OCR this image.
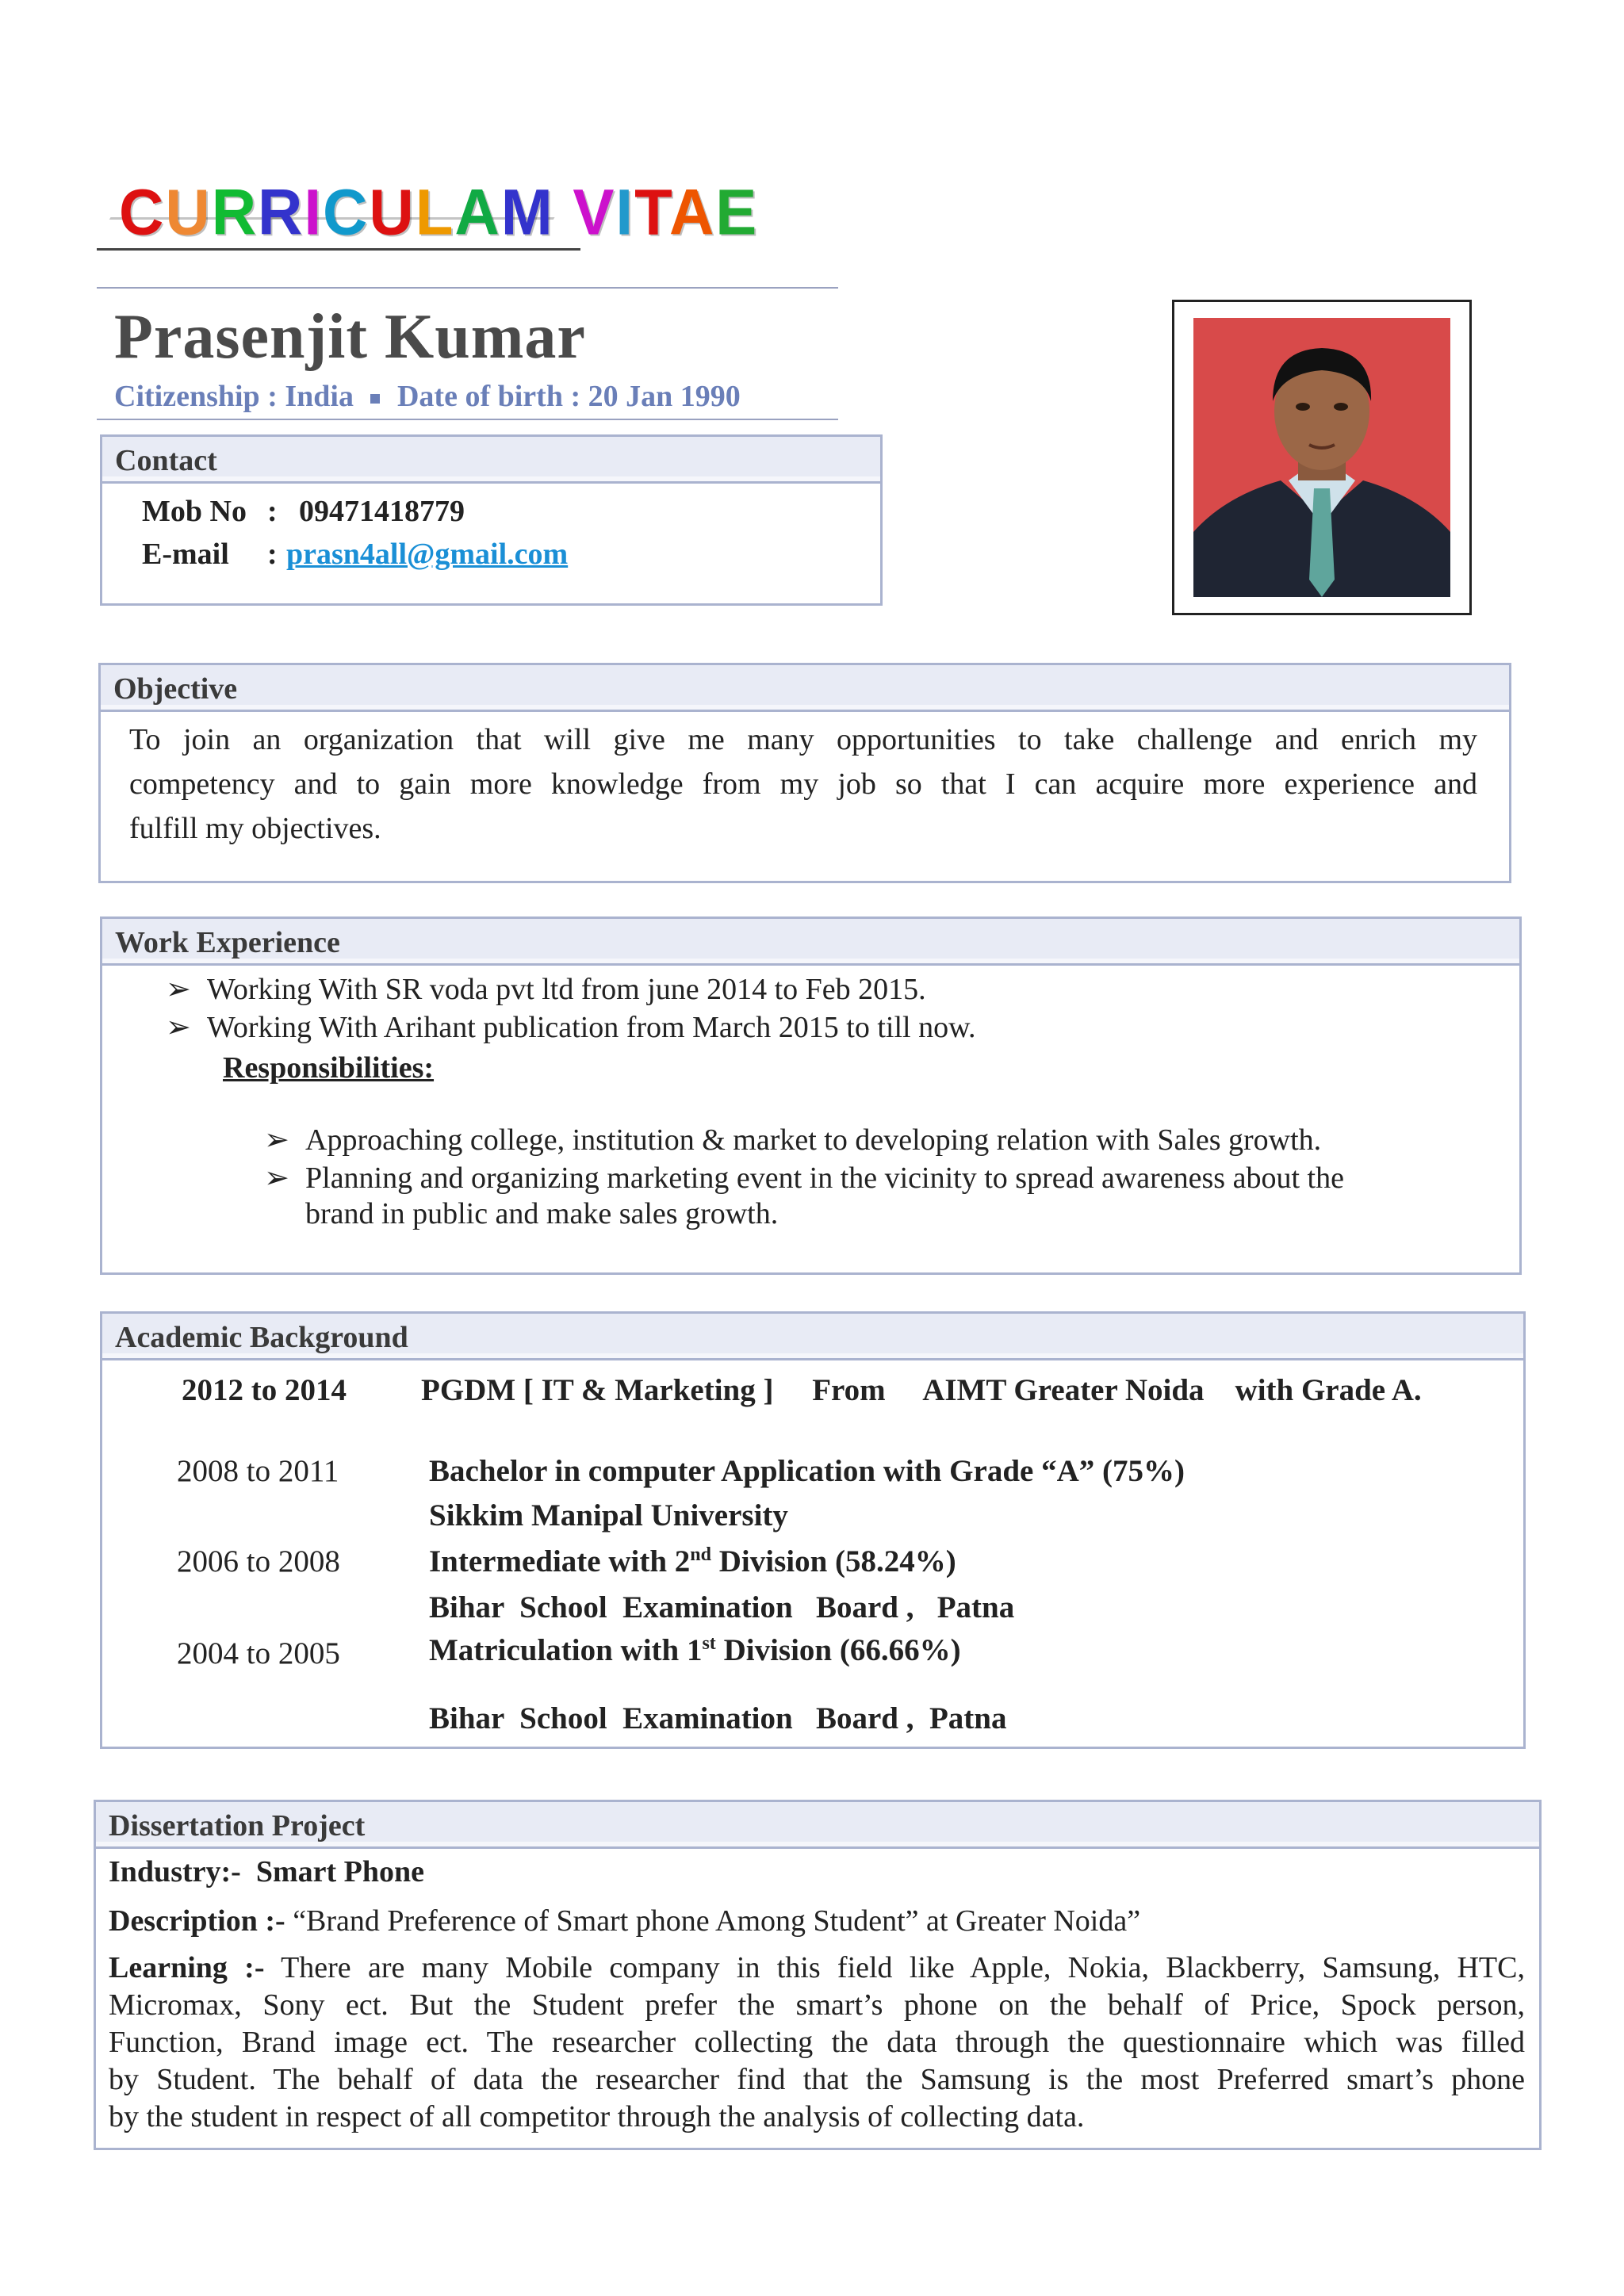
CURRICULAM VITAE
Prasenjit Kumar
Citizenship : India Date of birth : 20 Jan 1990
Contact
Mob No : 09471418779
E-mail : prasn4all@gmail.com
Objective
To join an organization that will give me many opportunities to take challenge and enrich my
competency and to gain more knowledge from my job so that I can acquire more experience and
fulfill my objectives.
Work Experience
➢ Working With SR voda pvt ltd from june 2014 to Feb 2015.
➢ Working With Arihant publication from March 2015 to till now.
Responsibilities:
➢ Approaching college, institution & market to developing relation with Sales growth.
➢ Planning and organizing marketing event in the vicinity to spread awareness about the
brand in public and make sales growth.
Academic Background
2012 to 2014 PGDM [ IT & Marketing ]     From     AIMT Greater Noida    with Grade A.
2008 to 2011	Bachelor in computer Application with Grade “A” (75%)
Sikkim Manipal University
2006 to 2008	Intermediate with 2nd Division (58.24%)
Bihar  School  Examination   Board ,   Patna
2004 to 2005	Matriculation with 1st Division (66.66%)
Bihar  School  Examination   Board ,  Patna
Dissertation Project
Industry:- Smart Phone
Description :- “Brand Preference of Smart phone Among Student” at Greater Noida”
Learning :- There are many Mobile company in this field like Apple, Nokia, Blackberry, Samsung, HTC,
Micromax, Sony ect. But the Student prefer the smart’s phone on the behalf of Price, Spock person,
Function, Brand image ect. The researcher collecting the data through the questionnaire which was filled
by Student. The behalf of data the researcher find that the Samsung is the most Preferred smart’s phone
by the student in respect of all competitor through the analysis of collecting data.
